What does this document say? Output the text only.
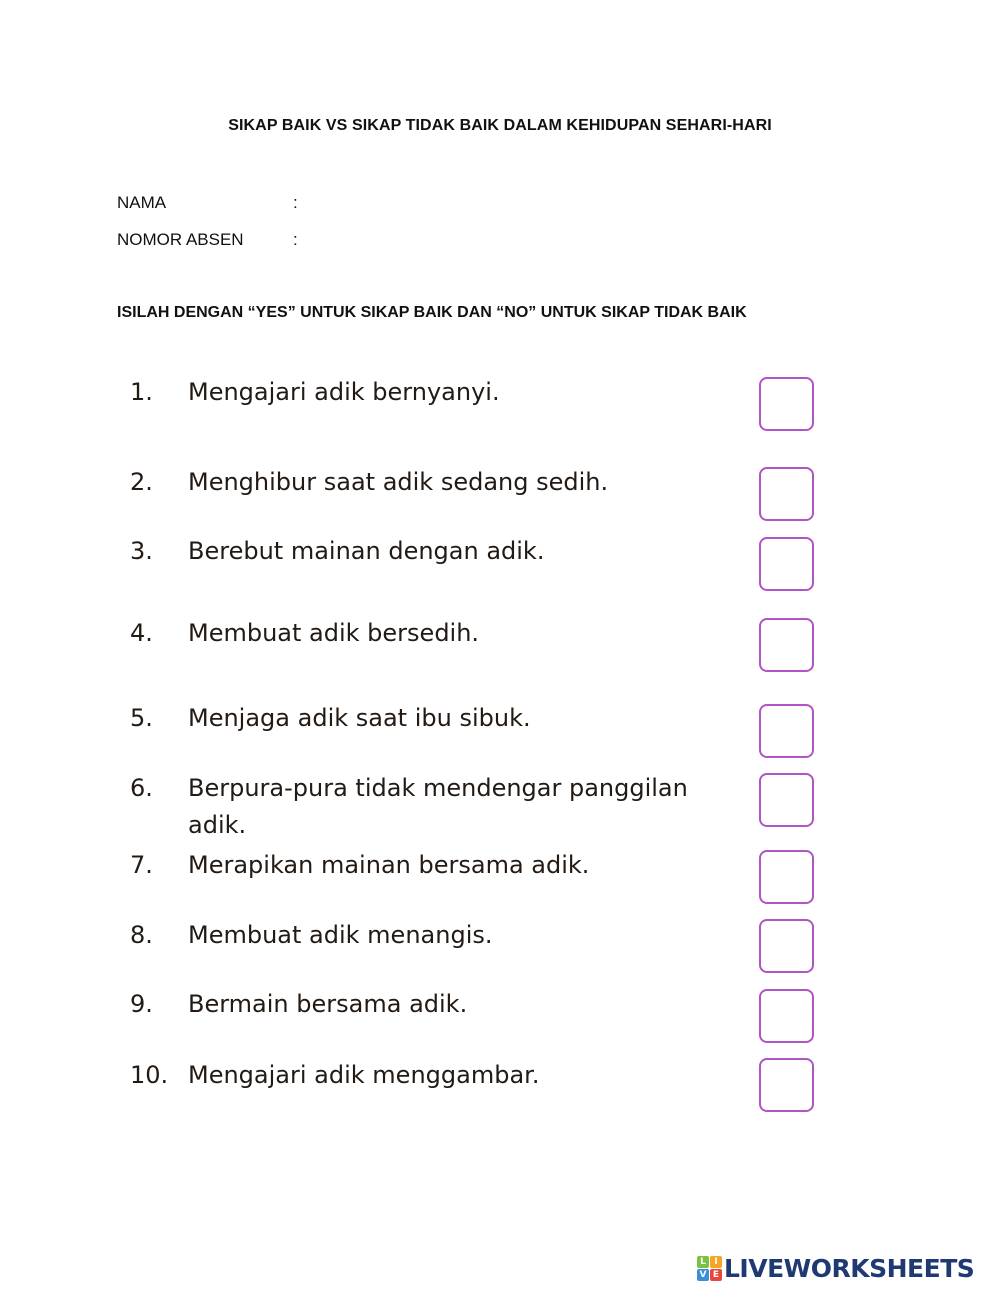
SIKAP BAIK VS SIKAP TIDAK BAIK DALAM KEHIDUPAN SEHARI-HARI
NAMA	:
NOMOR ABSEN	:
ISILAH DENGAN “YES” UNTUK SIKAP BAIK DAN “NO” UNTUK SIKAP TIDAK BAIK
1. Mengajari adik bernyanyi.
2. Menghibur saat adik sedang sedih.
3. Berebut mainan dengan adik.
4. Membuat adik bersedih.
5. Menjaga adik saat ibu sibuk.
6. Berpura-pura tidak mendengar panggilan adik.
7. Merapikan mainan bersama adik.
8. Membuat adik menangis.
9. Bermain bersama adik.
10. Mengajari adik menggambar.
L I
V E LIVEWORKSHEETS
